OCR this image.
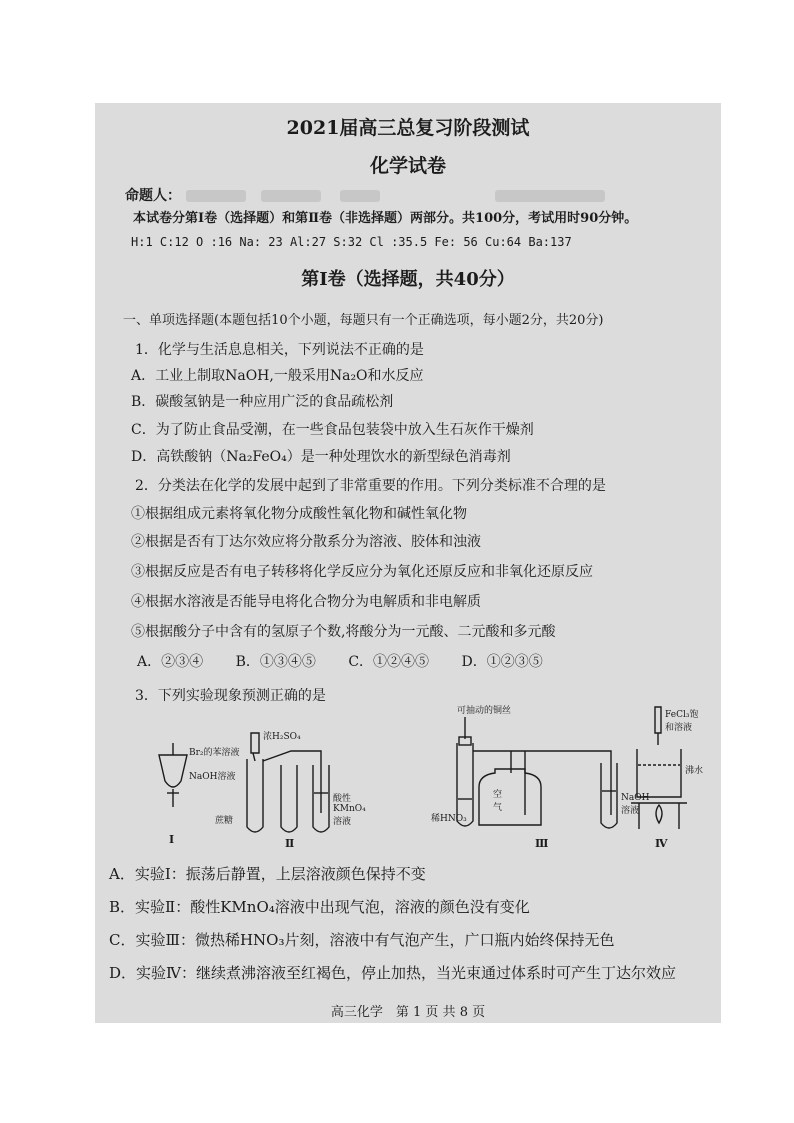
2021届高三总复习阶段测试
化学试卷
命题人：
本试卷分第Ⅰ卷（选择题）和第Ⅱ卷（非选择题）两部分。共100分，考试用时90分钟。
H:1 C:12 O :16 Na: 23 Al:27 S:32 Cl :35.5 Fe: 56 Cu:64 Ba:137
第Ⅰ卷（选择题，共40分）
一、单项选择题(本题包括10个小题，每题只有一个正确选项，每小题2分，共20分)
1．化学与生活息息相关，下列说法不正确的是
A．工业上制取NaOH,一般采用Na₂O和水反应
B．碳酸氢钠是一种应用广泛的食品疏松剂
C．为了防止食品受潮，在一些食品包装袋中放入生石灰作干燥剂
D．高铁酸钠（Na₂FeO₄）是一种处理饮水的新型绿色消毒剂
2．分类法在化学的发展中起到了非常重要的作用。下列分类标准不合理的是
①根据组成元素将氧化物分成酸性氧化物和碱性氧化物
②根据是否有丁达尔效应将分散系分为溶液、胶体和浊液
③根据反应是否有电子转移将化学反应分为氧化还原反应和非氧化还原反应
④根据水溶液是否能导电将化合物分为电解质和非电解质
⑤根据酸分子中含有的氢原子个数,将酸分为一元酸、二元酸和多元酸
A．②③④ B．①③④⑤ C．①②④⑤ D．①②③⑤
3．下列实验现象预测正确的是
Br₂的苯溶液
NaOH溶液
浓H₂SO₄
蔗糖
酸性KMnO₄溶液
可抽动的铜丝
空气
稀HNO₃
NaOH溶液
FeCl₃饱和溶液
沸水
Ⅰ	Ⅱ	Ⅲ	Ⅳ
A．实验Ⅰ：振荡后静置，上层溶液颜色保持不变
B．实验Ⅱ：酸性KMnO₄溶液中出现气泡，溶液的颜色没有变化
C．实验Ⅲ：微热稀HNO₃片刻，溶液中有气泡产生，广口瓶内始终保持无色
D．实验Ⅳ：继续煮沸溶液至红褐色，停止加热，当光束通过体系时可产生丁达尔效应
高三化学　第 1 页 共 8 页
